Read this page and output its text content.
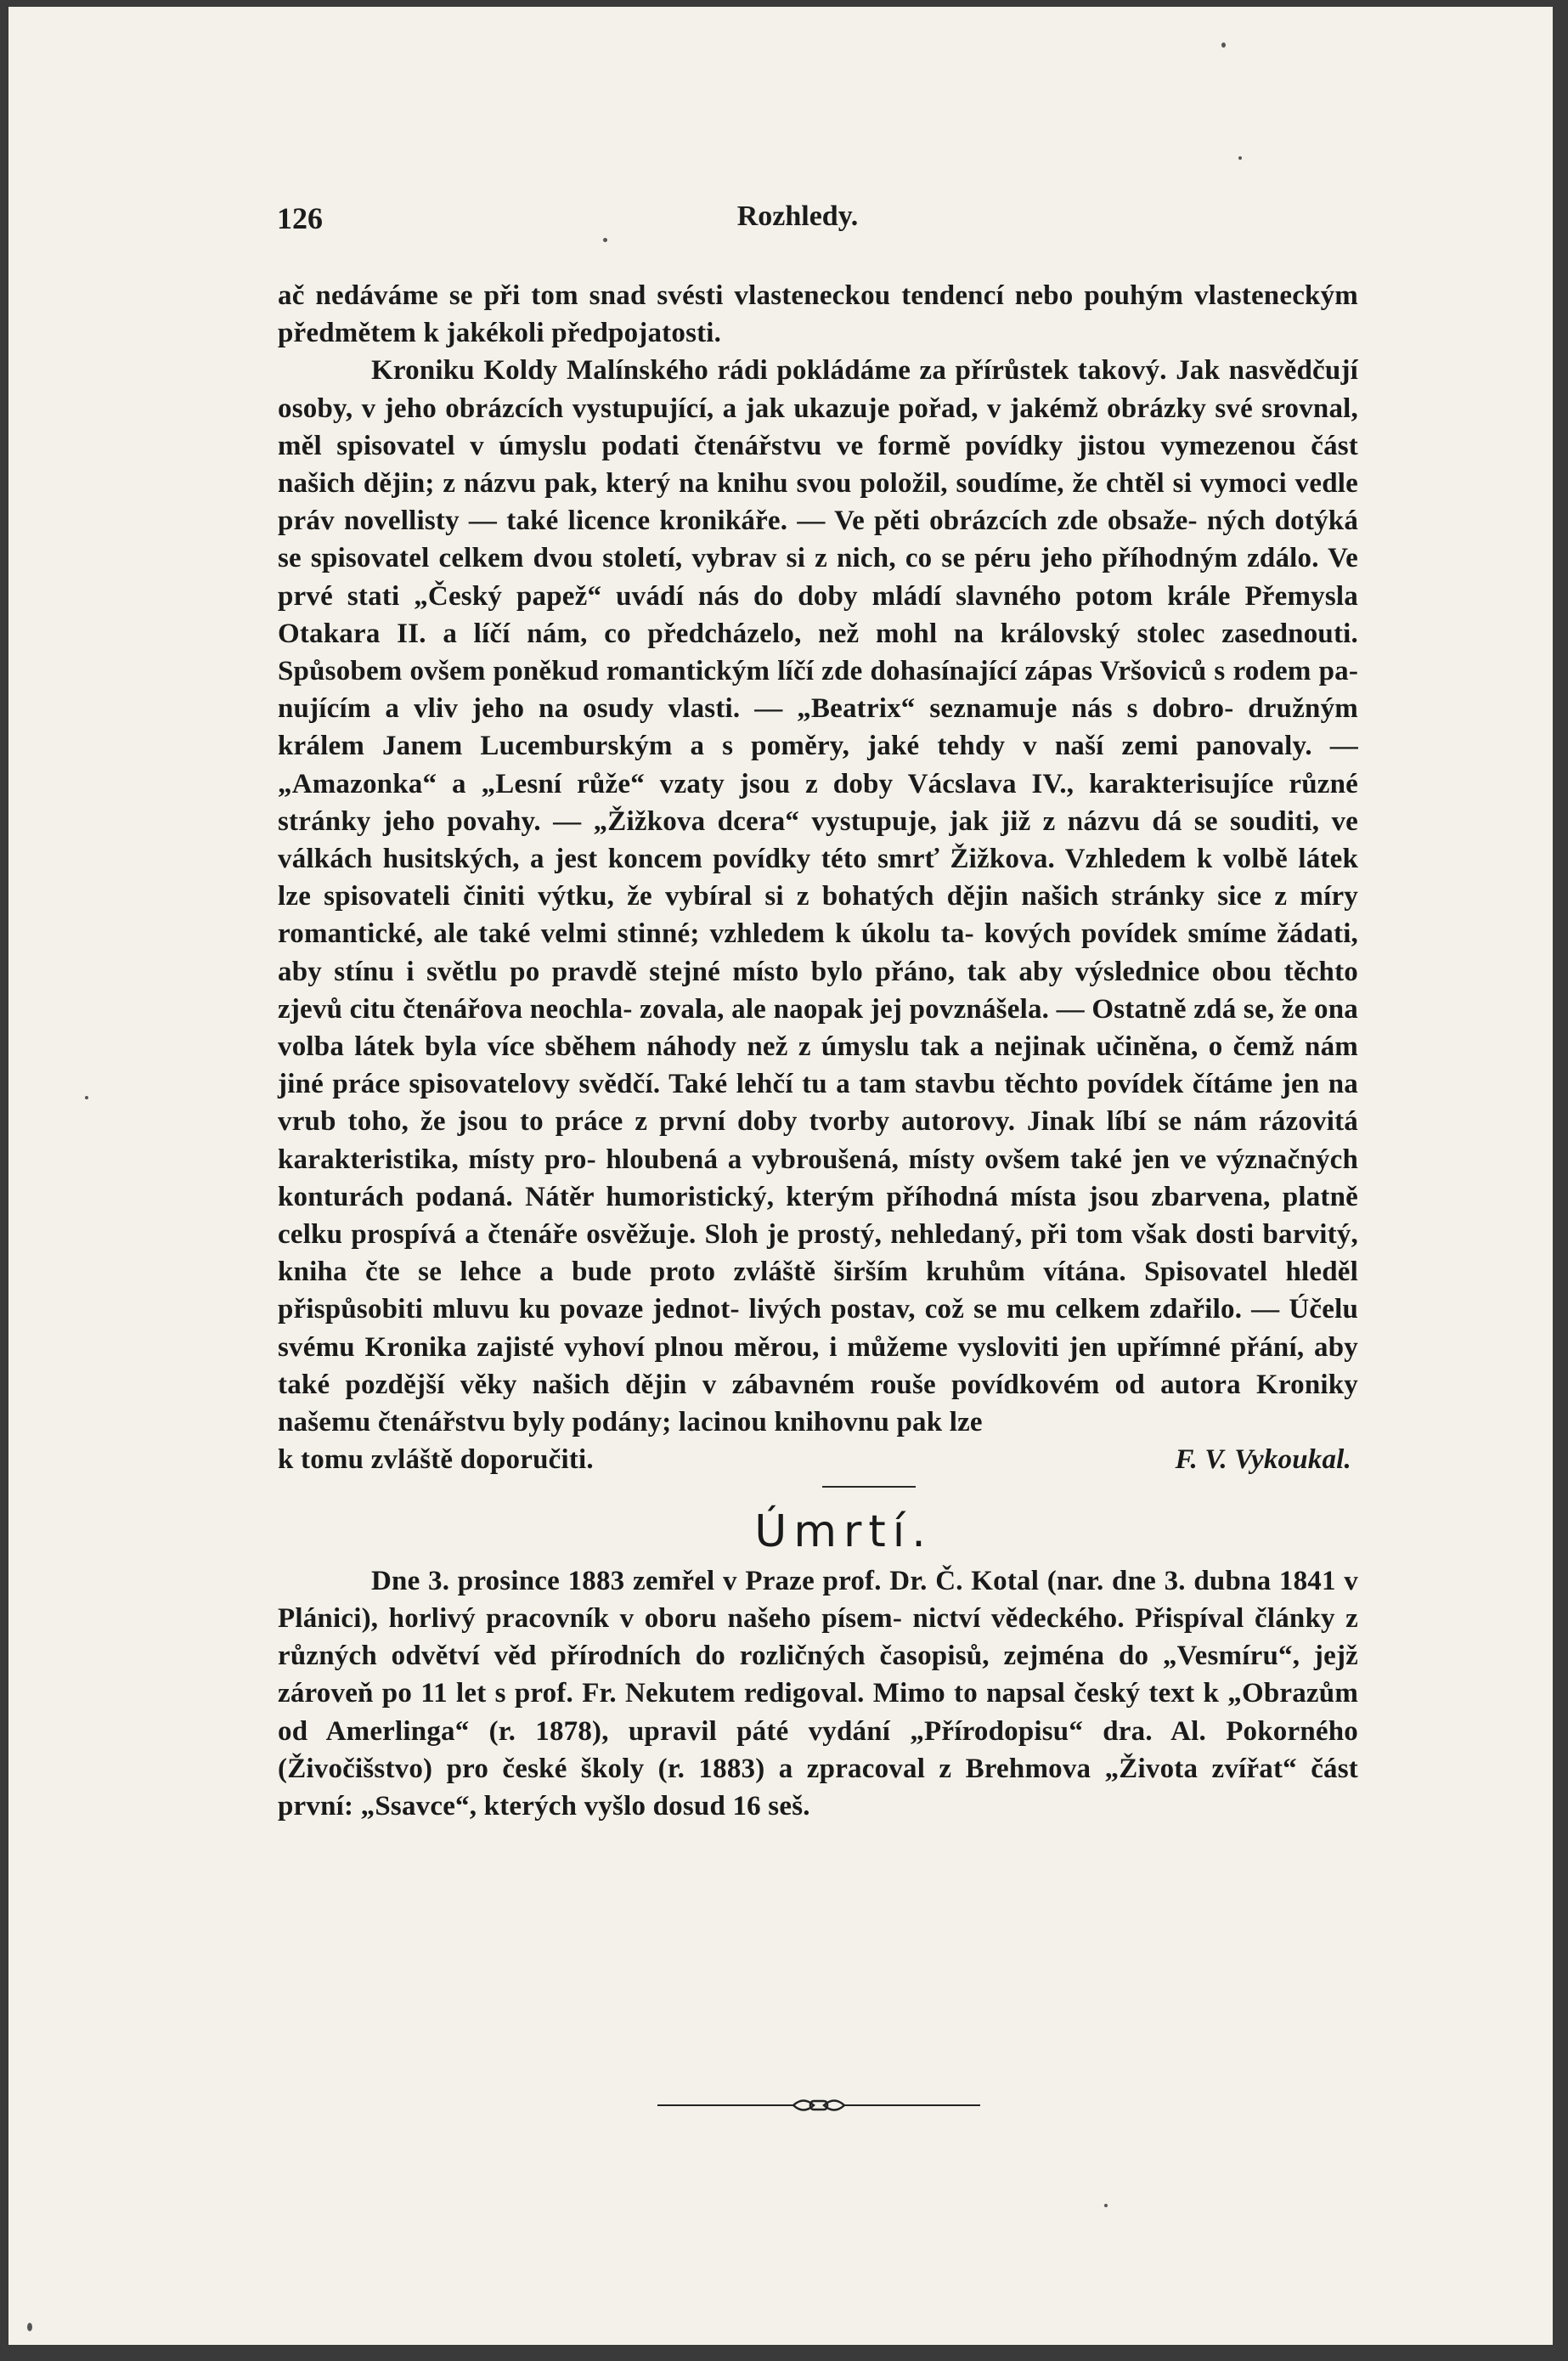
126	Rozhledy.

ač nedáváme se při tom snad svésti vlasteneckou tendencí nebo pouhým vlasteneckým předmětem k jakékoli předpojatosti.

Kroniku Koldy Malínského rádi pokládáme za přírůstek takový. Jak nasvědčují osoby, v jeho obrázcích vystupující, a jak ukazuje pořad, v jakémž obrázky své srovnal, měl spisovatel v úmyslu podati čtenářstvu ve formě povídky jistou vymezenou část našich dějin; z názvu pak, který na knihu svou položil, soudíme, že chtěl si vymoci vedle práv novellisty — také licence kronikáře. — Ve pěti obrázcích zde obsaže- ných dotýká se spisovatel celkem dvou století, vybrav si z nich, co se péru jeho příhodným zdálo. Ve prvé stati „Český papež“ uvádí nás do doby mládí slavného potom krále Přemysla Otakara II. a líčí nám, co předcházelo, než mohl na královský stolec zasednouti. Spůsobem ovšem poněkud romantickým líčí zde dohasínající zápas Vršoviců s rodem pa- nujícím a vliv jeho na osudy vlasti. — „Beatrix“ seznamuje nás s dobro- družným králem Janem Lucemburským a s poměry, jaké tehdy v naší zemi panovaly. — „Amazonka“ a „Lesní růže“ vzaty jsou z doby Vácslava IV., karakterisujíce různé stránky jeho povahy. — „Žižkova dcera“ vystupuje, jak již z názvu dá se souditi, ve válkách husitských, a jest koncem povídky této smrť Žižkova. Vzhledem k volbě látek lze spisovateli činiti výtku, že vybíral si z bohatých dějin našich stránky sice z míry romantické, ale také velmi stinné; vzhledem k úkolu ta- kových povídek smíme žádati, aby stínu i světlu po pravdě stejné místo bylo přáno, tak aby výslednice obou těchto zjevů citu čtenářova neochla- zovala, ale naopak jej povznášela. — Ostatně zdá se, že ona volba látek byla více sběhem náhody než z úmyslu tak a nejinak učiněna, o čemž nám jiné práce spisovatelovy svědčí. Také lehčí tu a tam stavbu těchto povídek čítáme jen na vrub toho, že jsou to práce z první doby tvorby autorovy. Jinak líbí se nám rázovitá karakteristika, místy pro- hloubená a vybroušená, místy ovšem také jen ve význačných konturách podaná. Nátěr humoristický, kterým příhodná místa jsou zbarvena, platně celku prospívá a čtenáře osvěžuje. Sloh je prostý, nehledaný, při tom však dosti barvitý, kniha čte se lehce a bude proto zvláště širším kruhům vítána. Spisovatel hleděl přispůsobiti mluvu ku povaze jednot- livých postav, což se mu celkem zdařilo. — Účelu svému Kronika zajisté vyhoví plnou měrou, i můžeme vysloviti jen upřímné přání, aby také pozdější věky našich dějin v zábavném rouše povídkovém od autora Kroniky našemu čtenářstvu byly podány; lacinou knihovnu pak lze

k tomu zvláště doporučiti.	F. V. Vykoukal.
Úmrtí.

Dne 3. prosince 1883 zemřel v Praze prof. Dr. Č. Kotal (nar. dne 3. dubna 1841 v Plánici), horlivý pracovník v oboru našeho písem- nictví vědeckého. Přispíval články z různých odvětví věd přírodních do rozličných časopisů, zejména do „Vesmíru“, jejž zároveň po 11 let s prof. Fr. Nekutem redigoval. Mimo to napsal český text k „Obrazům od Amerlinga“ (r. 1878), upravil páté vydání „Přírodopisu“ dra. Al. Pokorného (Živočišstvo) pro české školy (r. 1883) a zpracoval z Brehmova „Života zvířat“ část první: „Ssavce“, kterých vyšlo dosud 16 seš.
